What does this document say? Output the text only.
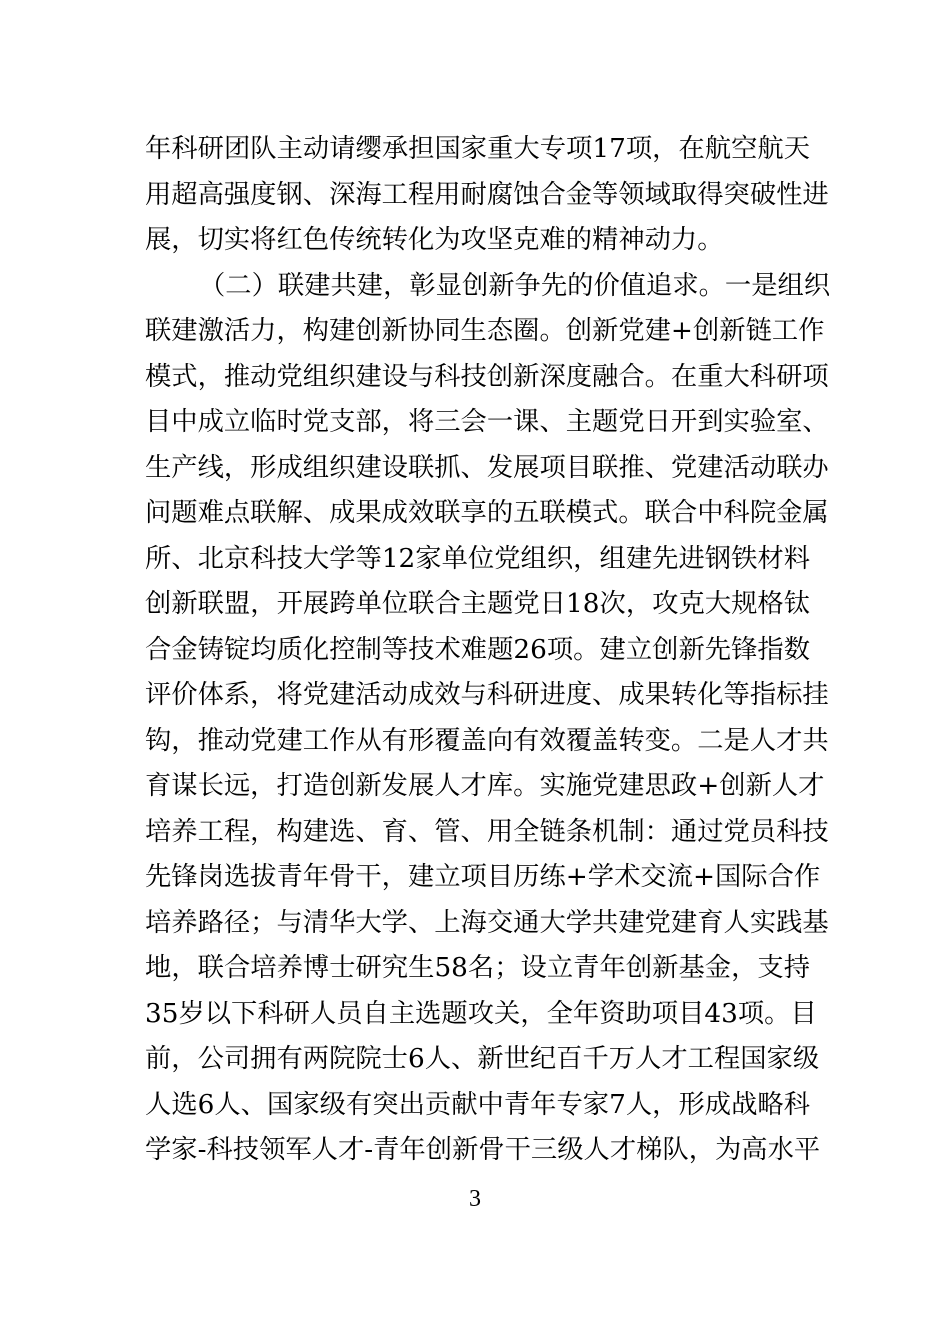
年科研团队主动请缨承担国家重大专项17项，在航空航天
用超高强度钢、深海工程用耐腐蚀合金等领域取得突破性进
展，切实将红色传统转化为攻坚克难的精神动力。
（二）联建共建，彰显创新争先的价值追求。一是组织
联建激活力，构建创新协同生态圈。创新党建+创新链工作
模式，推动党组织建设与科技创新深度融合。在重大科研项
目中成立临时党支部，将三会一课、主题党日开到实验室、
生产线，形成组织建设联抓、发展项目联推、党建活动联办
问题难点联解、成果成效联享的五联模式。联合中科院金属
所、北京科技大学等12家单位党组织，组建先进钢铁材料
创新联盟，开展跨单位联合主题党日18次，攻克大规格钛
合金铸锭均质化控制等技术难题26项。建立创新先锋指数
评价体系，将党建活动成效与科研进度、成果转化等指标挂
钩，推动党建工作从有形覆盖向有效覆盖转变。二是人才共
育谋长远，打造创新发展人才库。实施党建思政+创新人才
培养工程，构建选、育、管、用全链条机制：通过党员科技
先锋岗选拔青年骨干，建立项目历练+学术交流+国际合作
培养路径；与清华大学、上海交通大学共建党建育人实践基
地，联合培养博士研究生58名；设立青年创新基金，支持
35岁以下科研人员自主选题攻关，全年资助项目43项。目
前，公司拥有两院院士6人、新世纪百千万人才工程国家级
人选6人、国家级有突出贡献中青年专家7人，形成战略科
学家-科技领军人才-青年创新骨干三级人才梯队，为高水平
3
